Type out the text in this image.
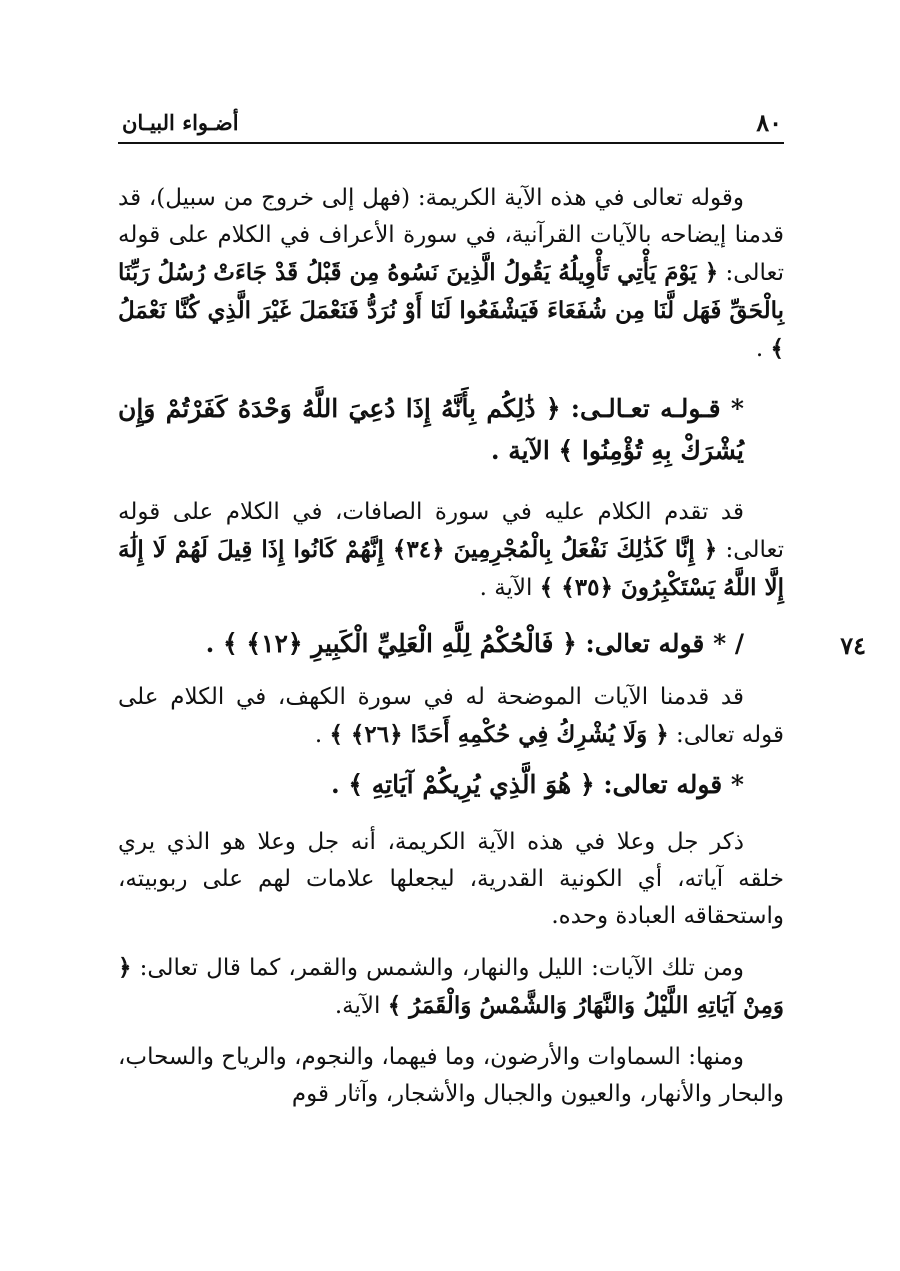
٨٠
أضـواء البيـان

وقوله تعالى في هذه الآية الكريمة: (فهل إلى خروج من سبيل)، قد قدمنا إيضاحه بالآيات القرآنية، في سورة الأعراف في الكلام على قوله تعالى: ﴿ يَوْمَ يَأْتِي تَأْوِيلُهُ يَقُولُ الَّذِينَ نَسُوهُ مِن قَبْلُ قَدْ جَاءَتْ رُسُلُ رَبِّنَا بِالْحَقِّ فَهَل لَّنَا مِن شُفَعَاءَ فَيَشْفَعُوا لَنَا أَوْ نُرَدُّ فَنَعْمَلَ غَيْرَ الَّذِي كُنَّا نَعْمَلُ ﴾ .

* قـولـه تعـالـى: ﴿ ذَٰلِكُم بِأَنَّهُ إِذَا دُعِيَ اللَّهُ وَحْدَهُ كَفَرْتُمْ وَإِن يُشْرَكْ بِهِ تُؤْمِنُوا ﴾ الآية .

قد تقدم الكلام عليه في سورة الصافات، في الكلام على قوله تعالى: ﴿ إِنَّا كَذَٰلِكَ نَفْعَلُ بِالْمُجْرِمِينَ ﴿٣٤﴾ إِنَّهُمْ كَانُوا إِذَا قِيلَ لَهُمْ لَا إِلَٰهَ إِلَّا اللَّهُ يَسْتَكْبِرُونَ ﴿٣٥﴾ ﴾ الآية .

٧٤
/ * قوله تعالى: ﴿ فَالْحُكْمُ لِلَّهِ الْعَلِيِّ الْكَبِيرِ ﴿١٢﴾ ﴾ .

قد قدمنا الآيات الموضحة له في سورة الكهف، في الكلام على قوله تعالى: ﴿ وَلَا يُشْرِكُ فِي حُكْمِهِ أَحَدًا ﴿٢٦﴾ ﴾ .

* قوله تعالى: ﴿ هُوَ الَّذِي يُرِيكُمْ آيَاتِهِ ﴾ .

ذكر جل وعلا في هذه الآية الكريمة، أنه جل وعلا هو الذي يري خلقه آياته، أي الكونية القدرية، ليجعلها علامات لهم على ربوبيته، واستحقاقه العبادة وحده.

ومن تلك الآيات: الليل والنهار، والشمس والقمر، كما قال تعالى: ﴿ وَمِنْ آيَاتِهِ اللَّيْلُ وَالنَّهَارُ وَالشَّمْسُ وَالْقَمَرُ ﴾ الآية.

ومنها: السماوات والأرضون، وما فيهما، والنجوم، والرياح والسحاب، والبحار والأنهار، والعيون والجبال والأشجار، وآثار قوم
